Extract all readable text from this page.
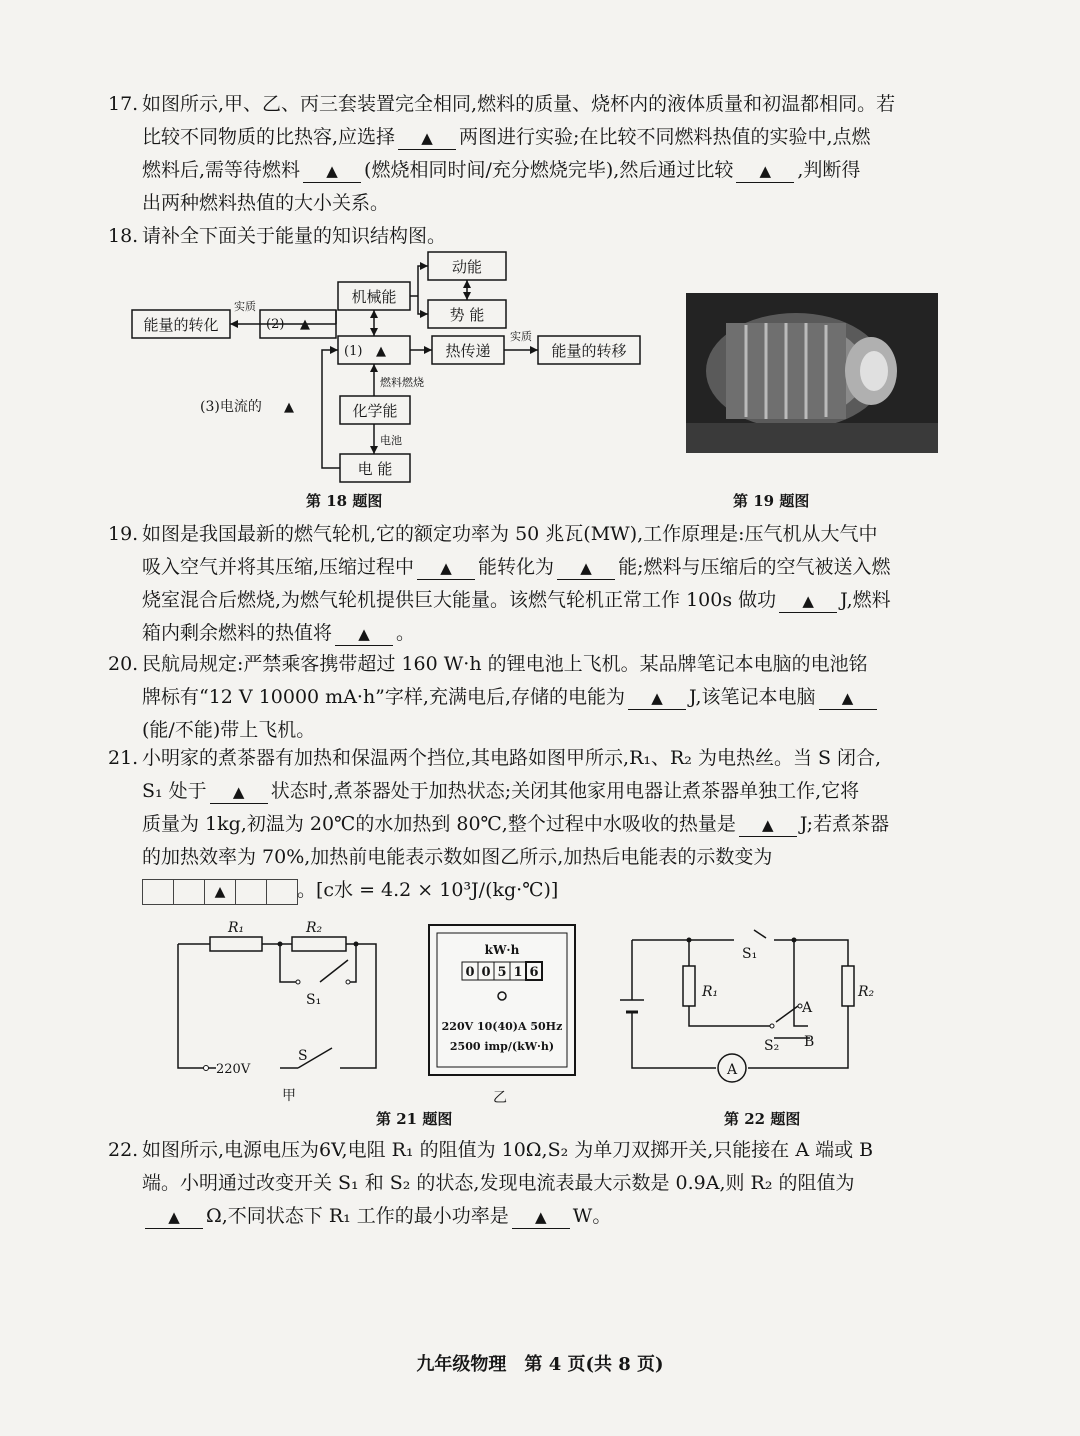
17. 如图所示,甲、乙、丙三套装置完全相同,燃料的质量、烧杯内的液体质量和初温都相同。若
比较不同物质的比热容,应选择 ▲ 两图进行实验;在比较不同燃料热值的实验中,点燃
燃料后,需等待燃料 ▲ (燃烧相同时间/充分燃烧完毕),然后通过比较 ▲ ,判断得
出两种燃料热值的大小关系。
18. 请补全下面关于能量的知识结构图。
动能
机械能
势 能
实质
能量的转化	(2) ▲
(1) ▲	热传递
实质
能量的转移
燃料燃烧
(3)电流的 ▲	化学能
电池
电 能
第 18 题图	第 19 题图
19. 如图是我国最新的燃气轮机,它的额定功率为 50 兆瓦(MW),工作原理是:压气机从大气中
吸入空气并将其压缩,压缩过程中 ▲ 能转化为 ▲ 能;燃料与压缩后的空气被送入燃
烧室混合后燃烧,为燃气轮机提供巨大能量。该燃气轮机正常工作 100s 做功 ▲ J,燃料
箱内剩余燃料的热值将 ▲ 。
20. 民航局规定:严禁乘客携带超过 160 W·h 的锂电池上飞机。某品牌笔记本电脑的电池铭
牌标有“12 V 10000 mA·h”字样,充满电后,存储的电能为 ▲ J,该笔记本电脑 ▲
(能/不能)带上飞机。
21. 小明家的煮茶器有加热和保温两个挡位,其电路如图甲所示,R₁、R₂ 为电热丝。当 S 闭合,
S₁ 处于 ▲ 状态时,煮茶器处于加热状态;关闭其他家用电器让煮茶器单独工作,它将
质量为 1kg,初温为 20℃的水加热到 80℃,整个过程中水吸收的热量是 ▲ J;若煮茶器
的加热效率为 70%,加热前电能表示数如图乙所示,加热后电能表的示数变为
▲	。[c水 = 4.2 × 10³J/(kg·℃)]
R₁	R₂
S₁
S
220V
甲
kW·h
0 0 5 1 6
220V 10(40)A 50Hz
2500 imp/(kW·h)
乙
第 21 题图
S₁
R₁	R₂
A
S₂ B
A
第 22 题图
22. 如图所示,电源电压为6V,电阻 R₁ 的阻值为 10Ω,S₂ 为单刀双掷开关,只能接在 A 端或 B
端。小明通过改变开关 S₁ 和 S₂ 的状态,发现电流表最大示数是 0.9A,则 R₂ 的阻值为
▲ Ω,不同状态下 R₁ 工作的最小功率是 ▲ W。
九年级物理　第 4 页(共 8 页)
